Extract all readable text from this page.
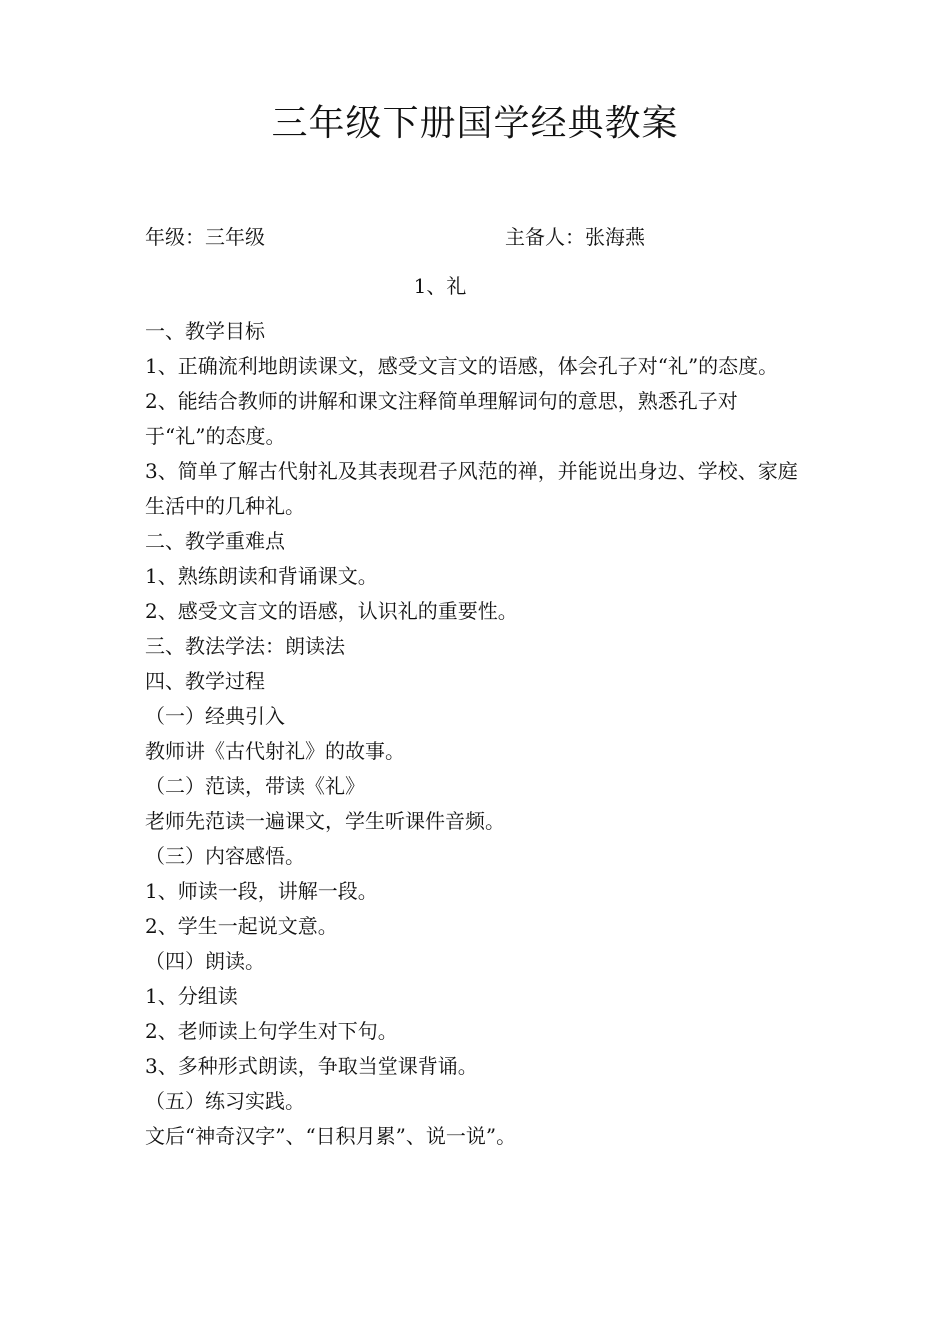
三年级下册国学经典教案
年级：三年级	主备人：张海燕
1、礼

一、教学目标

1、正确流利地朗读课文，感受文言文的语感，体会孔子对“礼”的态度。

2、能结合教师的讲解和课文注释简单理解词句的意思，熟悉孔子对于“礼”的态度。

3、简单了解古代射礼及其表现君子风范的禅，并能说出身边、学校、家庭生活中的几种礼。

二、教学重难点

1、熟练朗读和背诵课文。

2、感受文言文的语感，认识礼的重要性。

三、教法学法：朗读法

四、教学过程

（一）经典引入

教师讲《古代射礼》的故事。

（二）范读，带读《礼》

老师先范读一遍课文，学生听课件音频。

（三）内容感悟。

1、师读一段，讲解一段。

2、学生一起说文意。

（四）朗读。

1、分组读

2、老师读上句学生对下句。

3、多种形式朗读，争取当堂课背诵。

（五）练习实践。

文后“神奇汉字”、“日积月累”、说一说”。
